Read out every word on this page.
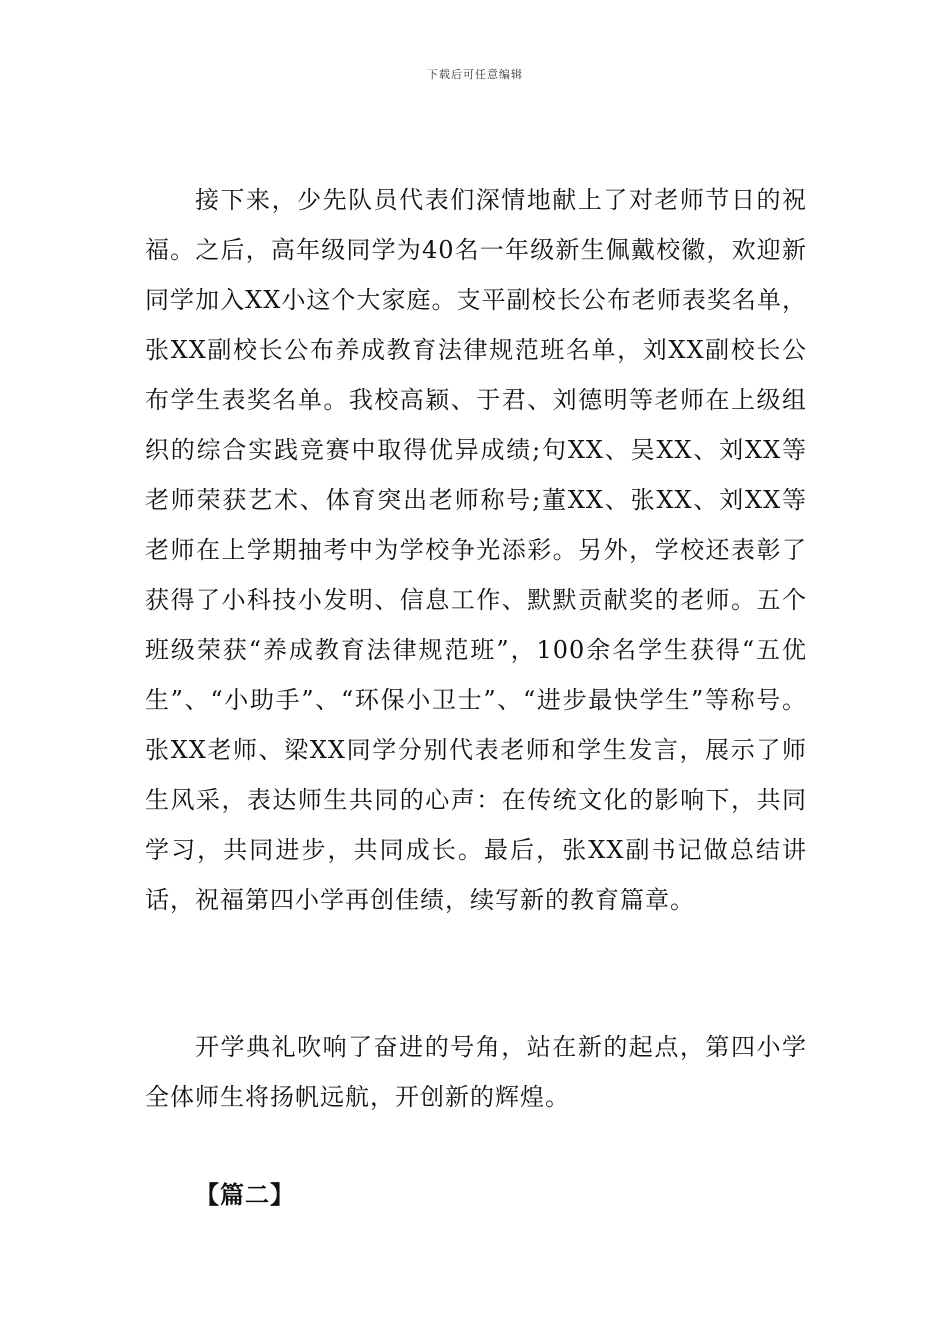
下载后可任意编辑

接下来，少先队员代表们深情地献上了对老师节日的祝福。之后，高年级同学为40名一年级新生佩戴校徽，欢迎新同学加入XX小这个大家庭。支平副校长公布老师表奖名单，张XX副校长公布养成教育法律规范班名单，刘XX副校长公布学生表奖名单。我校高颖、于君、刘德明等老师在上级组织的综合实践竞赛中取得优异成绩;句XX、吴XX、刘XX等老师荣获艺术、体育突出老师称号;董XX、张XX、刘XX等老师在上学期抽考中为学校争光添彩。另外，学校还表彰了获得了小科技小发明、信息工作、默默贡献奖的老师。五个班级荣获“养成教育法律规范班”，100余名学生获得“五优生”、“小助手”、“环保小卫士”、“进步最快学生”等称号。张XX老师、梁XX同学分别代表老师和学生发言，展示了师生风采，表达师生共同的心声：在传统文化的影响下，共同学习，共同进步，共同成长。最后，张XX副书记做总结讲话，祝福第四小学再创佳绩，续写新的教育篇章。

开学典礼吹响了奋进的号角，站在新的起点，第四小学全体师生将扬帆远航，开创新的辉煌。

【篇二】
